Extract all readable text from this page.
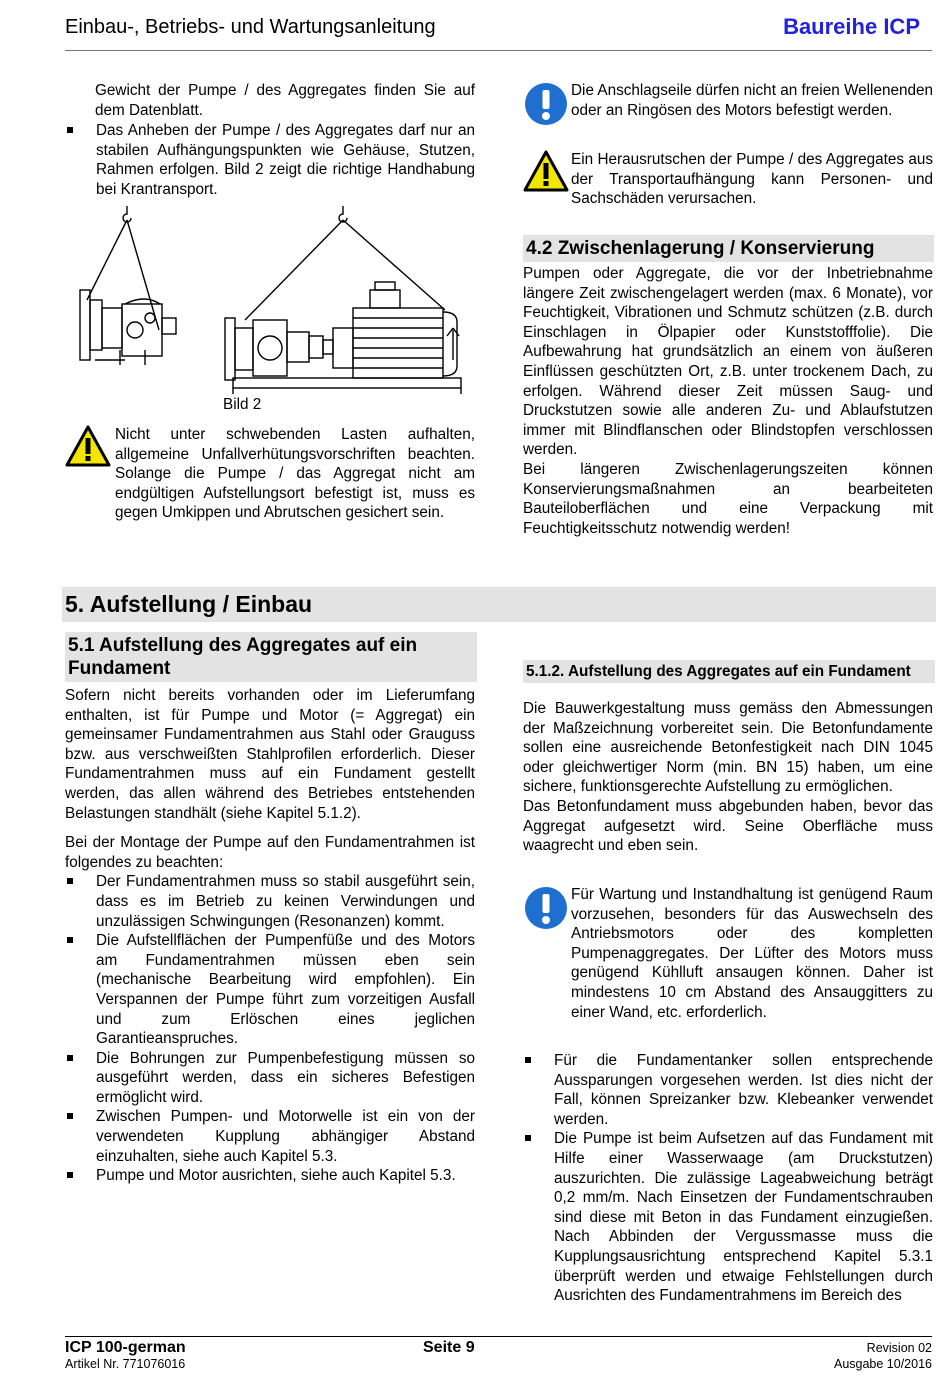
Einbau-, Betriebs- und Wartungsanleitung	Baureihe ICP

Gewicht der Pumpe / des Aggregates finden Sie auf dem Datenblatt.

Das Anheben der Pumpe / des Aggregates darf nur an stabilen Aufhängungspunkten wie Gehäuse, Stutzen, Rahmen erfolgen. Bild 2 zeigt die richtige Handhabung bei Krantransport.
Bild 2

Nicht unter schwebenden Lasten aufhalten, allgemeine Unfallverhütungsvorschriften beachten. Solange die Pumpe / das Aggregat nicht am endgültigen Aufstellungsort befestigt ist, muss es gegen Umkippen und Abrutschen gesichert sein.

Die Anschlagseile dürfen nicht an freien Wellenenden oder an Ringösen des Motors befestigt werden.

Ein Herausrutschen der Pumpe / des Aggregates aus der Transportaufhängung kann Personen- und Sachschäden verursachen.

4.2 Zwischenlagerung / Konservierung

Pumpen oder Aggregate, die vor der Inbetriebnahme längere Zeit zwischengelagert werden (max. 6 Monate), vor Feuchtigkeit, Vibrationen und Schmutz schützen (z.B. durch Einschlagen in Ölpapier oder Kunststofffolie). Die Aufbewahrung hat grundsätzlich an einem von äußeren Einflüssen geschützten Ort, z.B. unter trockenem Dach, zu erfolgen. Während dieser Zeit müssen Saug- und Druckstutzen sowie alle anderen Zu- und Ablaufstutzen immer mit Blindflanschen oder Blindstopfen verschlossen werden.

Bei längeren Zwischenlagerungszeiten können Konservierungsmaßnahmen an bearbeiteten Bauteiloberflächen und eine Verpackung mit Feuchtigkeitsschutz notwendig werden!

5. Aufstellung / Einbau
5.1 Aufstellung des Aggregates auf ein Fundament

Sofern nicht bereits vorhanden oder im Lieferumfang enthalten, ist für Pumpe und Motor (= Aggregat) ein gemeinsamer Fundamentrahmen aus Stahl oder Grauguss bzw. aus verschweißten Stahlprofilen erforderlich. Dieser Fundamentrahmen muss auf ein Fundament gestellt werden, das allen während des Betriebes entstehenden Belastungen standhält (siehe Kapitel 5.1.2).

Bei der Montage der Pumpe auf den Fundamentrahmen ist folgendes zu beachten:

Der Fundamentrahmen muss so stabil ausgeführt sein, dass es im Betrieb zu keinen Verwindungen und unzulässigen Schwingungen (Resonanzen) kommt.
Die Aufstellflächen der Pumpenfüße und des Motors am Fundamentrahmen müssen eben sein (mechanische Bearbeitung wird empfohlen). Ein Verspannen der Pumpe führt zum vorzeitigen Ausfall und zum Erlöschen eines jeglichen Garantieanspruches.
Die Bohrungen zur Pumpenbefestigung müssen so ausgeführt werden, dass ein sicheres Befestigen ermöglicht wird.
Zwischen Pumpen- und Motorwelle ist ein von der verwendeten Kupplung abhängiger Abstand einzuhalten, siehe auch Kapitel 5.3.
Pumpe und Motor ausrichten, siehe auch Kapitel 5.3.
5.1.2. Aufstellung des Aggregates auf ein Fundament

Die Bauwerkgestaltung muss gemäss den Abmessungen der Maßzeichnung vorbereitet sein. Die Betonfundamente sollen eine ausreichende Betonfestigkeit nach DIN 1045 oder gleichwertiger Norm (min. BN 15) haben, um eine sichere, funktionsgerechte Aufstellung zu ermöglichen.

Das Betonfundament muss abgebunden haben, bevor das Aggregat aufgesetzt wird. Seine Oberfläche muss waagrecht und eben sein.

Für Wartung und Instandhaltung ist genügend Raum vorzusehen, besonders für das Auswechseln des Antriebsmotors oder des kompletten Pumpenaggregates. Der Lüfter des Motors muss genügend Kühlluft ansaugen können. Daher ist mindestens 10 cm Abstand des Ansauggitters zu einer Wand, etc. erforderlich.

Für die Fundamentanker sollen entsprechende Aussparungen vorgesehen werden. Ist dies nicht der Fall, können Spreizanker bzw. Klebeanker verwendet werden.
Die Pumpe ist beim Aufsetzen auf das Fundament mit Hilfe einer Wasserwaage (am Druckstutzen) auszurichten. Die zulässige Lageabweichung beträgt 0,2 mm/m. Nach Einsetzen der Fundamentschrauben sind diese mit Beton in das Fundament einzugießen. Nach Abbinden der Vergussmasse muss die Kupplungsausrichtung entsprechend Kapitel 5.3.1 überprüft werden und etwaige Fehlstellungen durch Ausrichten des Fundamentrahmens im Bereich des
ICP 100-german
Artikel Nr. 771076016
Seite 9	Revision 02
Ausgabe 10/2016
